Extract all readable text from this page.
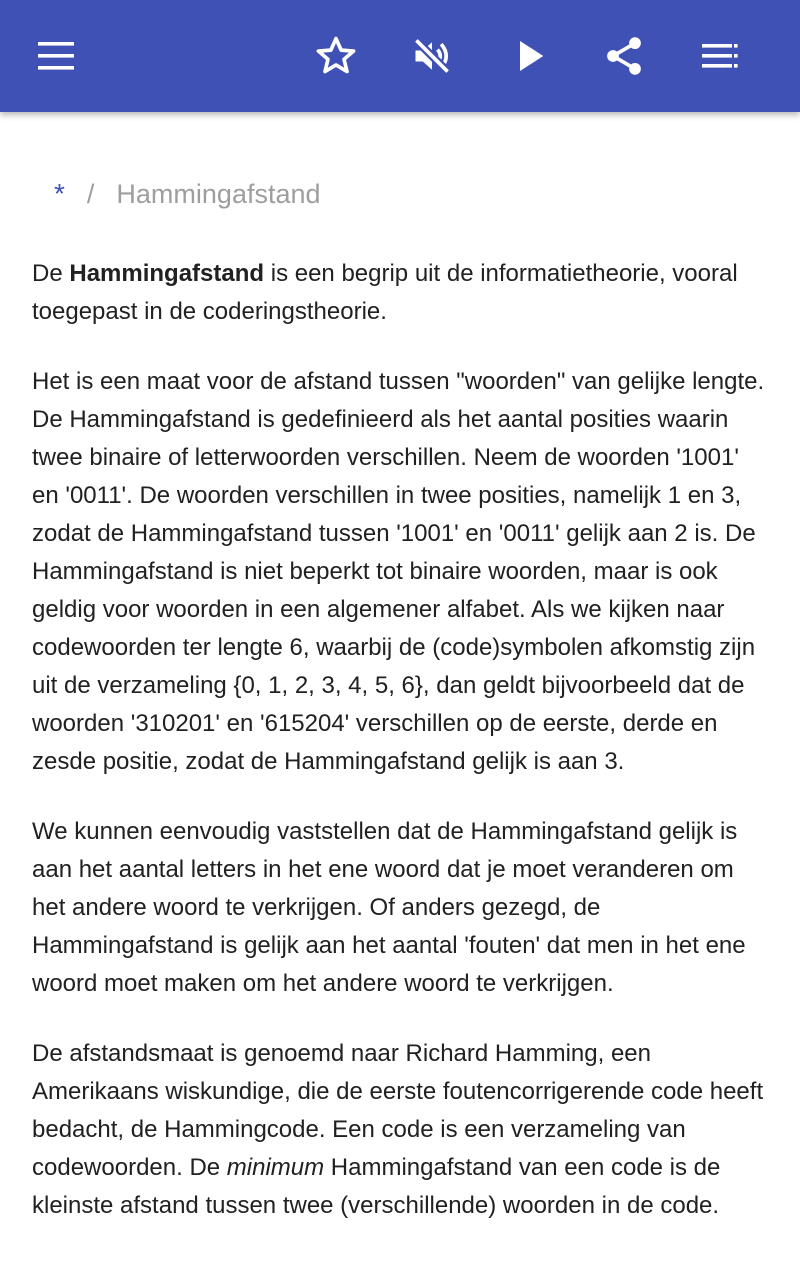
* / Hammingafstand

De Hammingafstand is een begrip uit de informatietheorie, vooral toegepast in de coderingstheorie.

Het is een maat voor de afstand tussen "woorden" van gelijke lengte. De Hammingafstand is gedefinieerd als het aantal posities waarin twee binaire of letterwoorden verschillen. Neem de woorden '1001' en '0011'. De woorden verschillen in twee posities, namelijk 1 en 3, zodat de Hammingafstand tussen '1001' en '0011' gelijk aan 2 is. De Hammingafstand is niet beperkt tot binaire woorden, maar is ook geldig voor woorden in een algemener alfabet. Als we kijken naar codewoorden ter lengte 6, waarbij de (code)symbolen afkomstig zijn uit de verzameling {0, 1, 2, 3, 4, 5, 6}, dan geldt bijvoorbeeld dat de woorden '310201' en '615204' verschillen op de eerste, derde en zesde positie, zodat de Hammingafstand gelijk is aan 3.

We kunnen eenvoudig vaststellen dat de Hammingafstand gelijk is aan het aantal letters in het ene woord dat je moet veranderen om het andere woord te verkrijgen. Of anders gezegd, de Hammingafstand is gelijk aan het aantal 'fouten' dat men in het ene woord moet maken om het andere woord te verkrijgen.

De afstandsmaat is genoemd naar Richard Hamming, een Amerikaans wiskundige, die de eerste foutencorrigerende code heeft bedacht, de Hammingcode. Een code is een verzameling van codewoorden. De minimum Hammingafstand van een code is de kleinste afstand tussen twee (verschillende) woorden in de code.
